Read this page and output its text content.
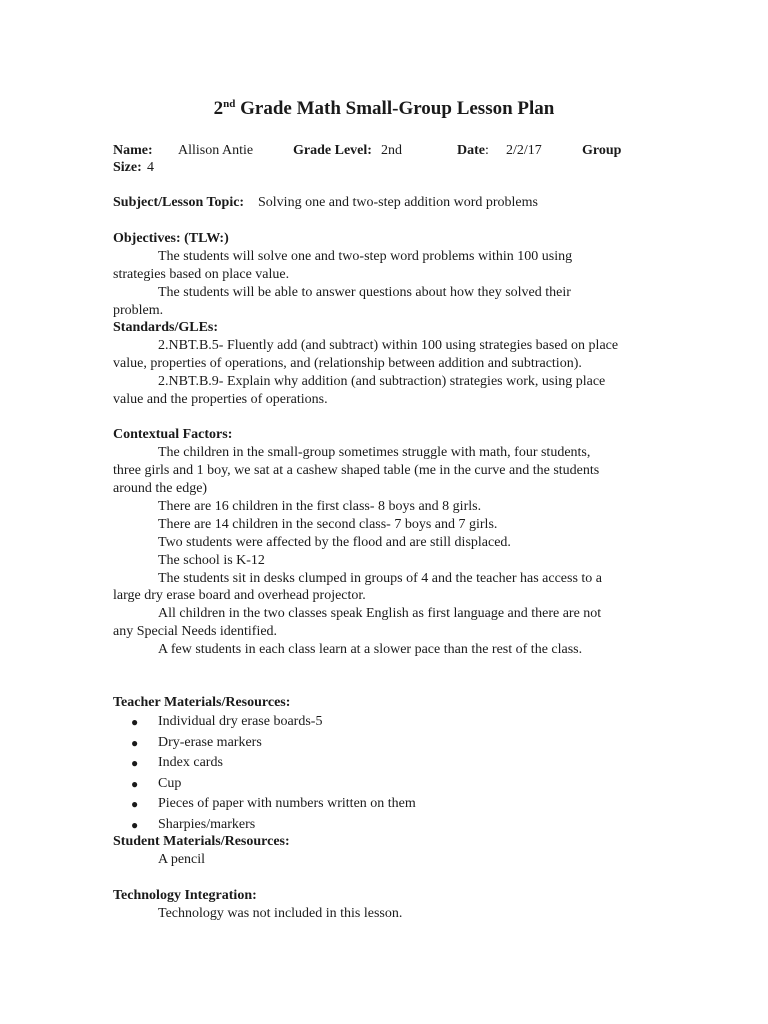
2nd Grade Math Small-Group Lesson Plan
Name: Allison Antie	Grade Level: 2nd	Date: 2/2/17	Group
Size: 4
Subject/Lesson Topic: Solving one and two-step addition word problems
Objectives: (TLW:)
The students will solve one and two-step word problems within 100 using
strategies based on place value.
The students will be able to answer questions about how they solved their
problem.
Standards/GLEs:
2.NBT.B.5- Fluently add (and subtract) within 100 using strategies based on place
value, properties of operations, and (relationship between addition and subtraction).
2.NBT.B.9- Explain why addition (and subtraction) strategies work, using place
value and the properties of operations.
Contextual Factors:
The children in the small-group sometimes struggle with math, four students,
three girls and 1 boy, we sat at a cashew shaped table (me in the curve and the students
around the edge)
There are 16 children in the first class- 8 boys and 8 girls.
There are 14 children in the second class- 7 boys and 7 girls.
Two students were affected by the flood and are still displaced.
The school is K-12
The students sit in desks clumped in groups of 4 and the teacher has access to a
large dry erase board and overhead projector.
All children in the two classes speak English as first language and there are not
any Special Needs identified.
A few students in each class learn at a slower pace than the rest of the class.
Teacher Materials/Resources:
● Individual dry erase boards-5
● Dry-erase markers
● Index cards
● Cup
● Pieces of paper with numbers written on them
● Sharpies/markers
Student Materials/Resources:
A pencil
Technology Integration:
Technology was not included in this lesson.
